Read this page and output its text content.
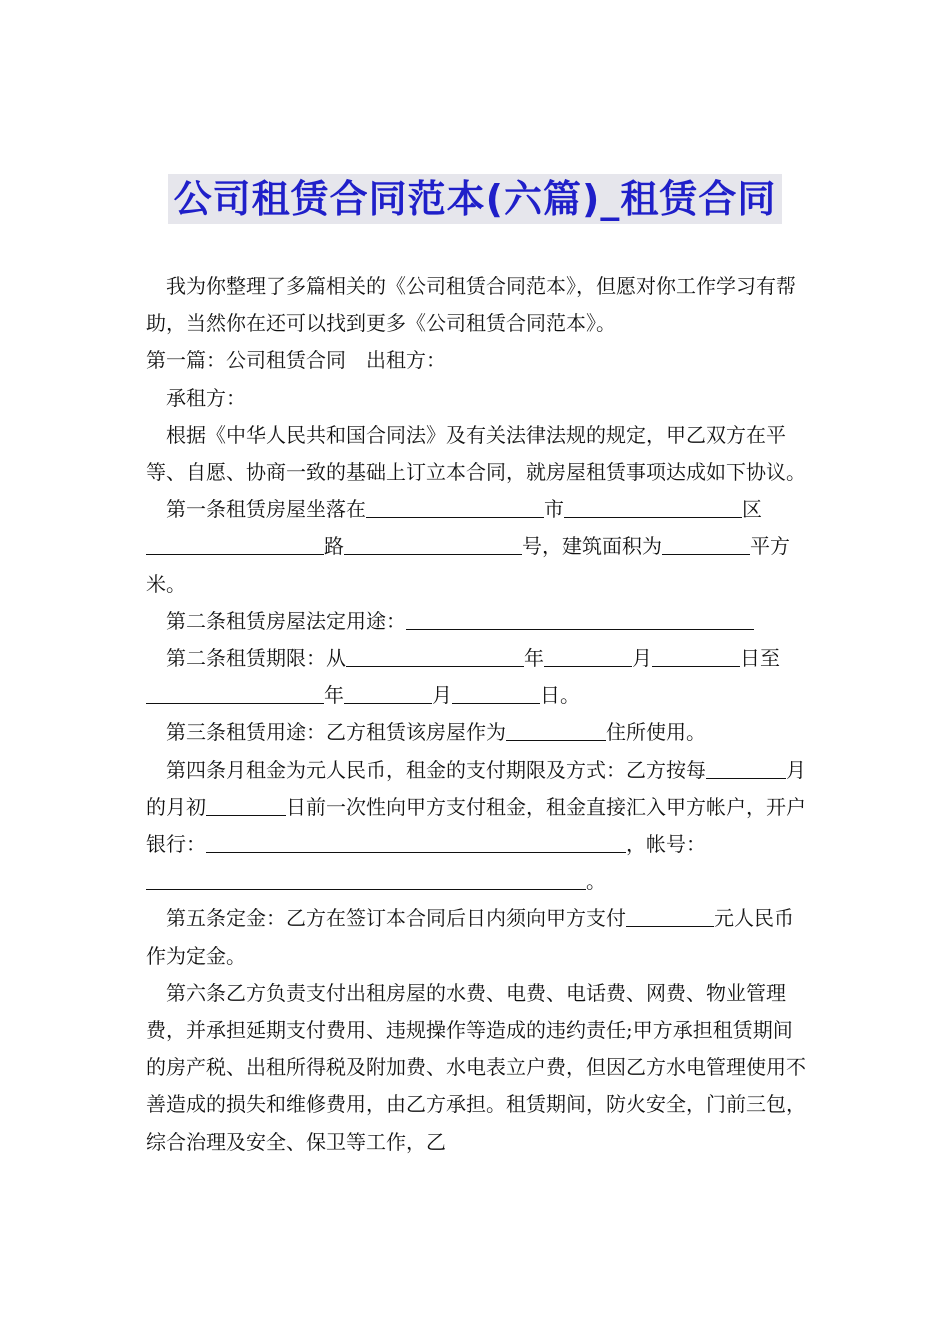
公司租赁合同范本(六篇)_租赁合同

我为你整理了多篇相关的《公司租赁合同范本》，但愿对你工作学习有帮助，当然你在还可以找到更多《公司租赁合同范本》。

第一篇：公司租赁合同　出租方：

承租方：

根据《中华人民共和国合同法》及有关法律法规的规定，甲乙双方在平等、自愿、协商一致的基础上订立本合同，就房屋租赁事项达成如下协议。

第一条租赁房屋坐落在	市	区路	号，建筑面积为	平方米。

第二条租赁房屋法定用途：

第二条租赁期限：从	年	月	日至年	月	日。

第三条租赁用途：乙方租赁该房屋作为	住所使用。

第四条月租金为元人民币，租金的支付期限及方式：乙方按每	月的月初	日前一次性向甲方支付租金，租金直接汇入甲方帐户，开户银行：	，帐号：。

第五条定金：乙方在签订本合同后日内须向甲方支付	元人民币作为定金。

第六条乙方负责支付出租房屋的水费、电费、电话费、网费、物业管理费，并承担延期支付费用、违规操作等造成的违约责任;甲方承担租赁期间的房产税、出租所得税及附加费、水电表立户费，但因乙方水电管理使用不善造成的损失和维修费用，由乙方承担。租赁期间，防火安全，门前三包，综合治理及安全、保卫等工作，乙
